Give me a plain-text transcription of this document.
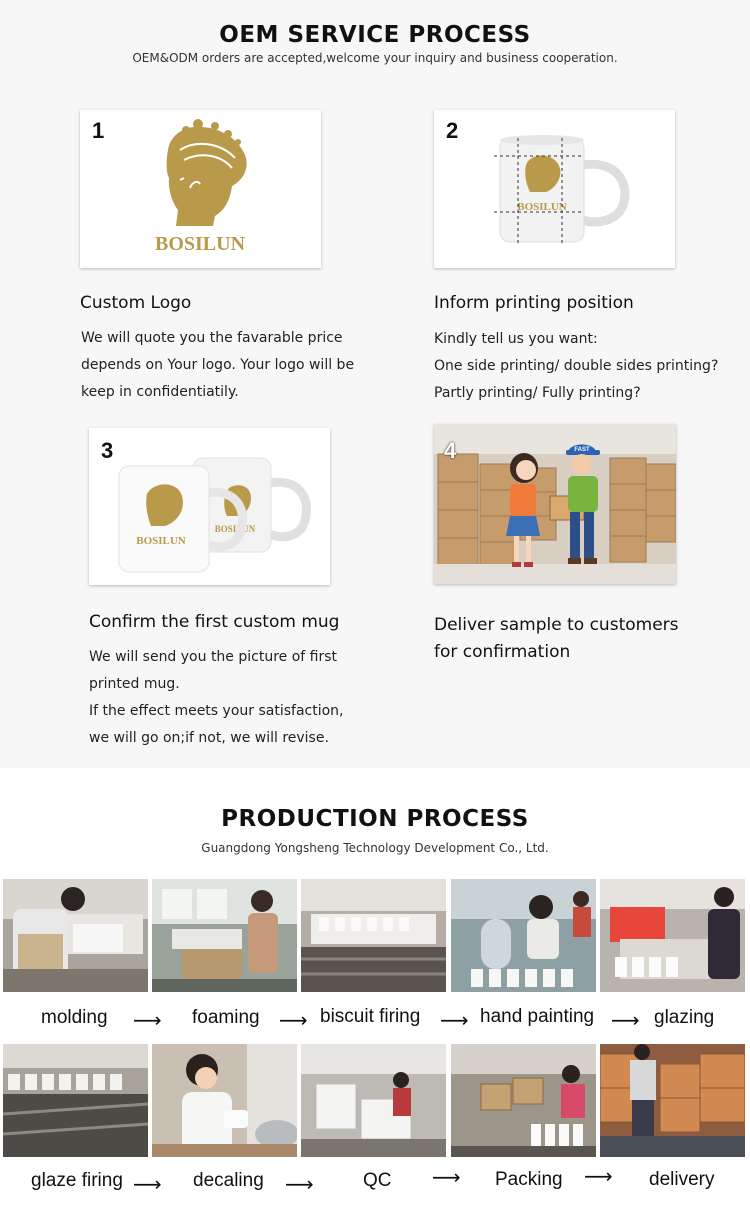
OEM SERVICE PROCESS
OEM&ODM orders are accepted,welcome your inquiry and business cooperation.
1
BOSILUN
2
BOSILUN
Custom Logo
We will quote you the favarable price
depends on Your logo. Your logo will be
keep in confidentiatily.
Inform printing position
Kindly tell us you want:
One side printing/ double sides printing?
Partly printing/ Fully printing?
3
BOSILUN
BOSILUN
FAST
4
Confirm the first custom mug
We will send you the picture of first
printed mug.
If the effect meets your satisfaction,
we will go on;if not, we will revise.
Deliver sample to customers
for confirmation
PRODUCTION PROCESS
Guangdong Yongsheng Technology Development Co., Ltd.
molding ⟶ foaming ⟶ biscuit firing ⟶ hand painting ⟶ glazing
glaze firing ⟶ decaling ⟶	QC ⟶ Packing ⟶ delivery
